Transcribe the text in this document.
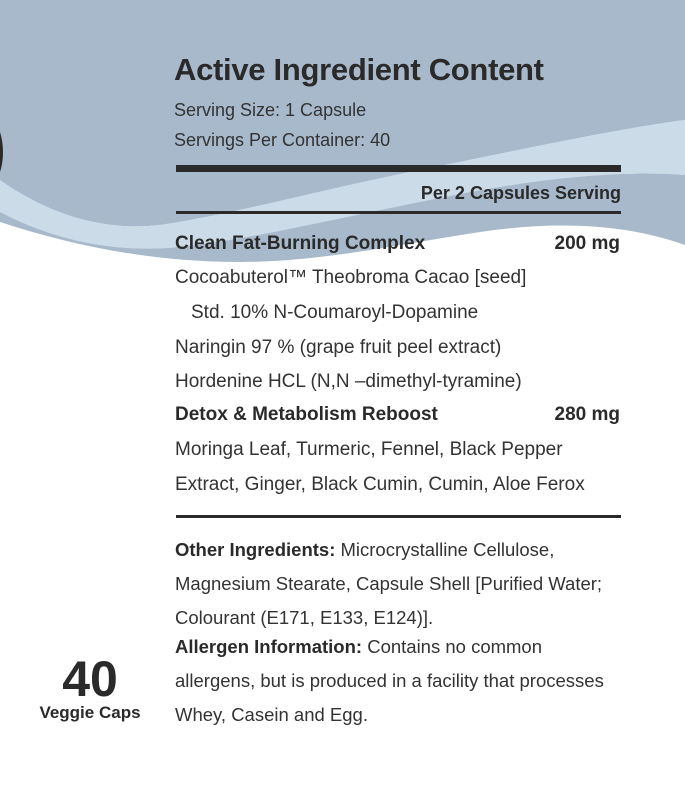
Active Ingredient Content
Serving Size: 1 Capsule
Servings Per Container: 40
Per 2 Capsules Serving
Clean Fat-Burning Complex	200 mg
Cocoabuterol™ Theobroma Cacao [seed]
Std. 10% N-Coumaroyl-Dopamine
Naringin 97 % (grape fruit peel extract)
Hordenine HCL (N,N –dimethyl-tyramine)
Detox & Metabolism Reboost	280 mg
Moringa Leaf, Turmeric, Fennel, Black Pepper
Extract, Ginger, Black Cumin, Cumin, Aloe Ferox
Other Ingredients: Microcrystalline Cellulose, Magnesium Stearate, Capsule Shell [Purified Water; Colourant (E171, E133, E124)].
Allergen Information: Contains no common allergens, but is produced in a facility that processes Whey, Casein and Egg.
40
Veggie Caps
